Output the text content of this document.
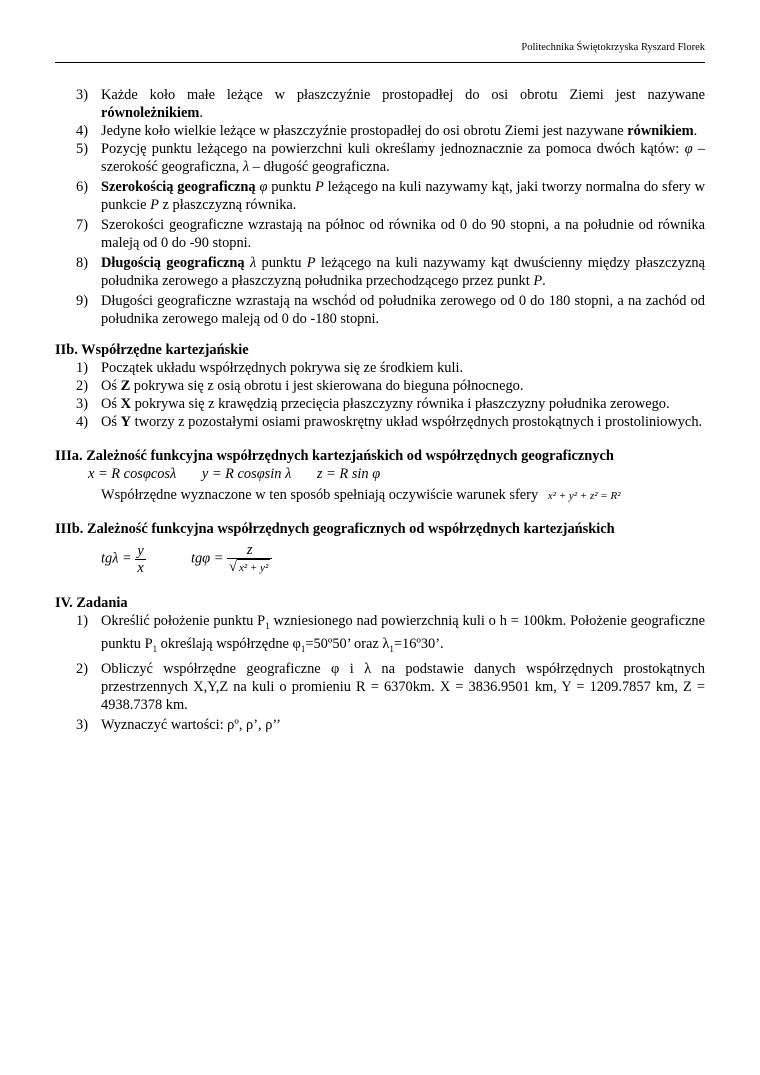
Politechnika Świętokrzyska Ryszard Florek
3) Każde koło małe leżące w płaszczyźnie prostopadłej do osi obrotu Ziemi jest nazywane równoleżnikiem.
4) Jedyne koło wielkie leżące w płaszczyźnie prostopadłej do osi obrotu Ziemi jest nazywane równikiem.
5) Pozycję punktu leżącego na powierzchni kuli określamy jednoznacznie za pomoca dwóch kątów: φ – szerokość geograficzna, λ – długość geograficzna.
6) Szerokością geograficzną φ punktu P leżącego na kuli nazywamy kąt, jaki tworzy normalna do sfery w punkcie P z płaszczyzną równika.
7) Szerokości geograficzne wzrastają na północ od równika od 0 do 90 stopni, a na południe od równika maleją od 0 do -90 stopni.
8) Długością geograficzną λ punktu P leżącego na kuli nazywamy kąt dwuścienny między płaszczyzną południka zerowego a płaszczyzną południka przechodzącego przez punkt P.
9) Długości geograficzne wzrastają na wschód od południka zerowego od 0 do 180 stopni, a na zachód od południka zerowego maleją od 0 do -180 stopni.
IIb. Współrzędne kartezjańskie
1) Początek układu współrzędnych pokrywa się ze środkiem kuli.
2) Oś Z pokrywa się z osią obrotu i jest skierowana do bieguna północnego.
3) Oś X pokrywa się z krawędzią przecięcia płaszczyzny równika i płaszczyzny południka zerowego.
4) Oś Y tworzy z pozostałymi osiami prawoskrętny układ współrzędnych prostokątnych i prostoliniowych.
IIIa. Zależność funkcyjna współrzędnych kartezjańskich od współrzędnych geograficznych
x = R cosφcosλ y = R cosφsin λ z = R sin φ
Współrzędne wyznaczone w ten sposób spełniają oczywiście warunek sfery x² + y² + z² = R²
IIIb. Zależność funkcyjna współrzędnych geograficznych od współrzędnych kartezjańskich
$tg\lambda = \frac{y}{x}$	$tg\varphi = \frac{z}{\text{√ x² + y²}}$
IV. Zadania
1) Określić położenie punktu $P_1$ wzniesionego nad powierzchnią kuli o h = 100km. Położenie geograficzne punktu $P_1$ określają współrzędne $\varphi_1=50º50$’ oraz $\lambda_1=16º30$’.
2) Obliczyć współrzędne geograficzne φ i λ na podstawie danych współrzędnych prostokątnych przestrzennych X,Y,Z na kuli o promieniu R = 6370km. X = 3836.9501 km, Y = 1209.7857 km, Z = 4938.7378 km.
3) Wyznaczyć wartości: ρº, ρ’, ρ’’
